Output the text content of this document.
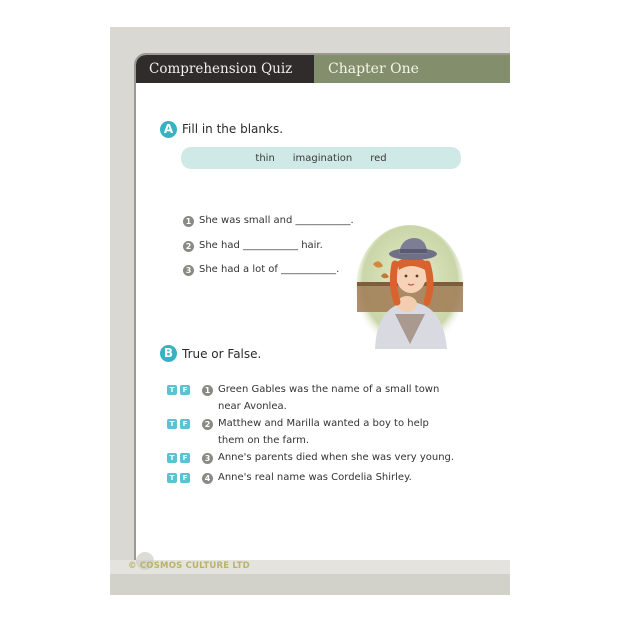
Comprehension Quiz	Chapter One
A Fill in the blanks.
thin imagination red
1 She was small and ___________.
2 She had ___________ hair.
3 She had a lot of ___________.
B True or False.
T	F	1 Green Gables was the name of a small town
near Avonlea.
T	F	2 Matthew and Marilla wanted a boy to help
them on the farm.
T	F	3 Anne's parents died when she was very young.
T	F	4 Anne's real name was Cordelia Shirley.
© COSMOS CULTURE LTD
